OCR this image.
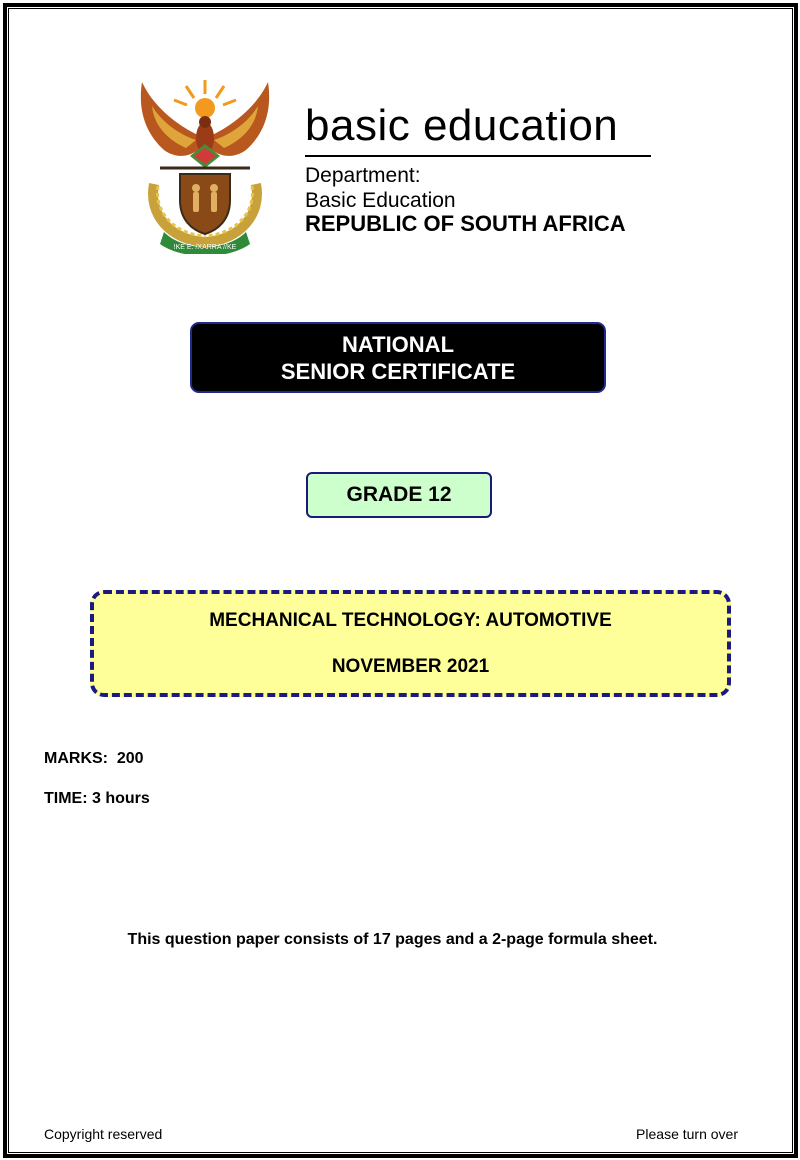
!KE E: /XARRA //KE
basic education
Department:
Basic Education
REPUBLIC OF SOUTH AFRICA
NATIONAL
SENIOR CERTIFICATE
GRADE 12
MECHANICAL TECHNOLOGY: AUTOMOTIVE
NOVEMBER 2021
MARKS:  200
TIME: 3 hours
This question paper consists of 17 pages and a 2-page formula sheet.
Copyright reserved	Please turn over
